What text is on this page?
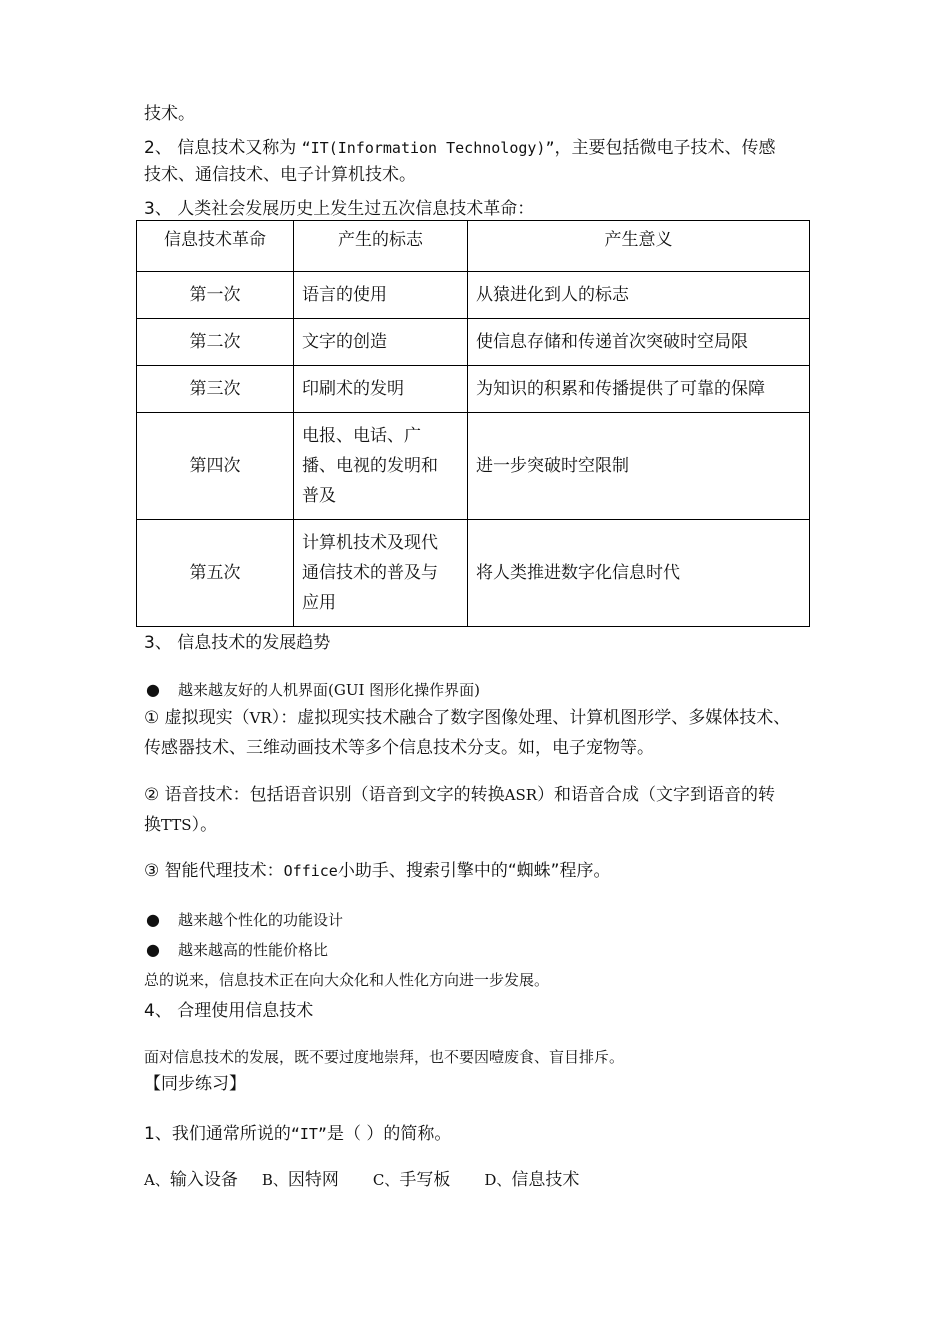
技术。
2、 信息技术又称为 “IT(Information Technology)”，主要包括微电子技术、传感
技术、通信技术、电子计算机技术。
3、 人类社会发展历史上发生过五次信息技术革命：
信息技术革命	产生的标志	产生意义
第一次	语言的使用	从猿进化到人的标志
第二次	文字的创造	使信息存储和传递首次突破时空局限
第三次	印刷术的发明	为知识的积累和传播提供了可靠的保障
第四次	电报、电话、广
播、电视的发明和
普及	进一步突破时空限制
第五次	计算机技术及现代
通信技术的普及与
应用	将人类推进数字化信息时代
3、 信息技术的发展趋势
● 越来越友好的人机界面(GUI 图形化操作界面)
① 虚拟现实（VR）：虚拟现实技术融合了数字图像处理、计算机图形学、多媒体技术、
传感器技术、三维动画技术等多个信息技术分支。如，电子宠物等。
② 语音技术：包括语音识别（语音到文字的转换ASR）和语音合成（文字到语音的转
换TTS）。
③ 智能代理技术：Office小助手、搜索引擎中的“蜘蛛”程序。
● 越来越个性化的功能设计
● 越来越高的性能价格比
总的说来，信息技术正在向大众化和人性化方向进一步发展。
4、 合理使用信息技术
面对信息技术的发展，既不要过度地崇拜，也不要因噎废食、盲目排斥。
【同步练习】
1、我们通常所说的“IT”是（ ）的简称。
A、输入设备 B、因特网 C、手写板 D、信息技术
